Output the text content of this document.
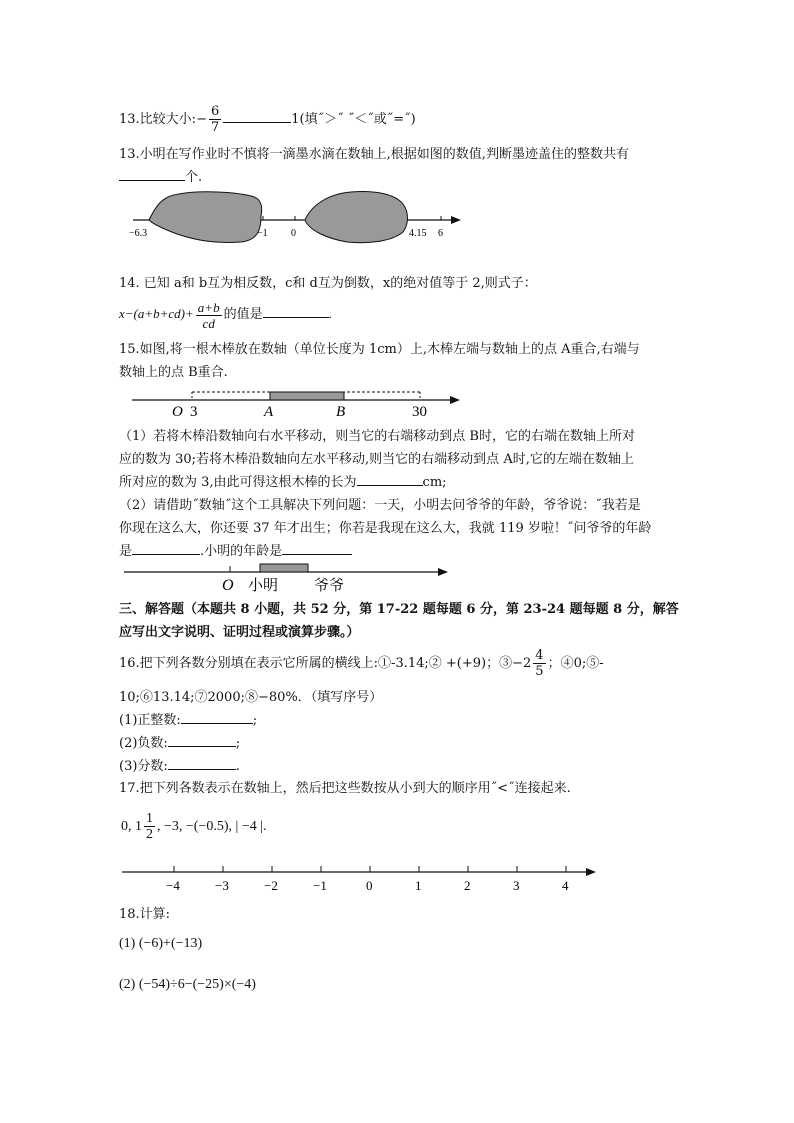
13.比较大小:− $\frac{6}{7}$	1(填˝＞˝ ˝＜˝或˝=˝)
13.小明在写作业时不慎将一滴墨水滴在数轴上,根据如图的数值,判断墨迹盖住的整数共有
个.
−6.3	−1 0	4.15 6
14. 已知 a和 b互为相反数，c和 d互为倒数，x的绝对值等于 2,则式子：
$x-(a+b+cd)+ \frac{a+b}{cd}$ 的值是	.
15.如图,将一根木棒放在数轴（单位长度为 1cm）上,木棒左端与数轴上的点 A重合,右端与
数轴上的点 B重合.
O 3	A	B	30
（1）若将木棒沿数轴向右水平移动，则当它的右端移动到点 B时，它的右端在数轴上所对
应的数为 30;若将木棒沿数轴向左水平移动,则当它的右端移动到点 A时,它的左端在数轴上
所对应的数为 3,由此可得这根木棒的长为	cm;
（2）请借助˝数轴˝这个工具解决下列问题：一天，小明去问爷爷的年龄，爷爷说：˝我若是
你现在这么大，你还要 37 年才出生；你若是我现在这么大，我就 119 岁啦！˝问爷爷的年龄
是	.小明的年龄是
O 小明 爷爷
三、解答题（本题共 8 小题，共 52 分，第 17-22 题每题 6 分，第 23-24 题每题 8 分，解答
应写出文字说明、证明过程或演算步骤。）
16.把下列各数分别填在表示它所属的横线上:①-3.14;② +(+9)；③−2 $\frac{4}{5}$ ；④0;⑤-
10;⑥13.14;⑦2000;⑧−80%．（填写序号）
(1)正整数:	;
(2)负数:	;
(3)分数:	.
17.把下列各数表示在数轴上，然后把这些数按从小到大的顺序用˝<˝连接起来.
0, $1 \frac{1}{2}$ , −3, −(−0.5), | −4 |.
−4	−3	−2	−1	0	1	2	3	4
18.计算:
(1) (−6)+(−13)
(2) (−54)÷6−(−25)×(−4)
